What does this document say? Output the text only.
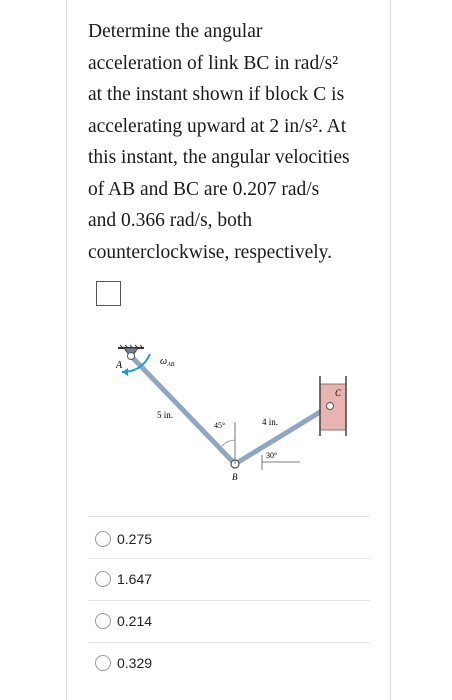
Determine the angular

acceleration of link BC in rad/s²

at the instant shown if block C is

accelerating upward at 2 in/s². At

this instant, the angular velocities

of AB and BC are 0.207 rad/s

and 0.366 rad/s, both

counterclockwise, respectively.

A
B
C
$\omega_{AB}$
5 in.
4 in.
45°
30°
0.275
1.647
0.214
0.329
